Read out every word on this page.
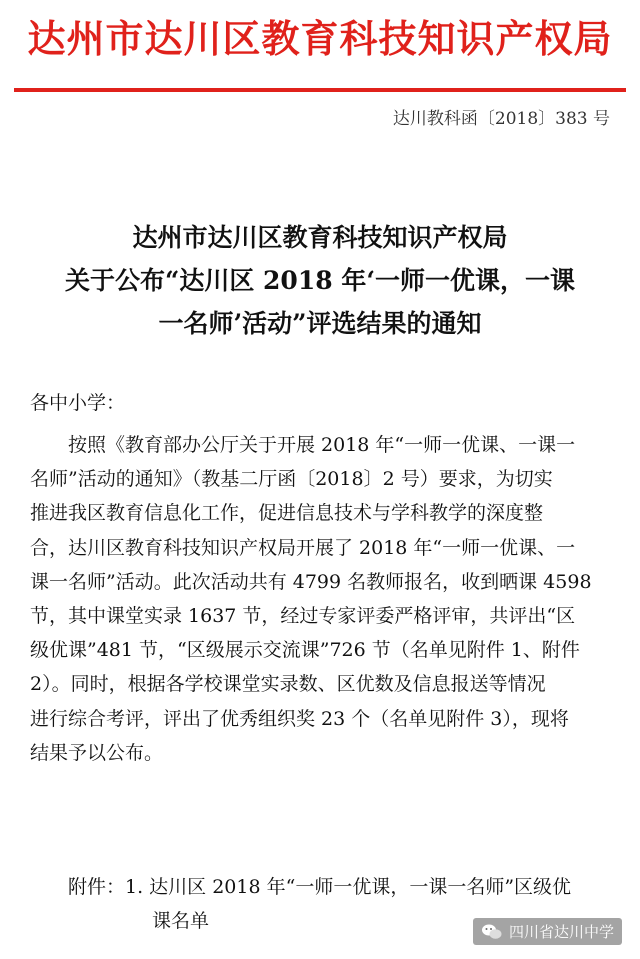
达州市达川区教育科技知识产权局
达川教科函〔2018〕383 号
达州市达川区教育科技知识产权局
关于公布“达川区 2018 年‘一师一优课，一课
一名师’活动”评选结果的通知
各中小学：
　　按照《教育部办公厅关于开展 2018 年“一师一优课、一课一
名师”活动的通知》（教基二厅函〔2018〕2 号）要求，为切实
推进我区教育信息化工作，促进信息技术与学科教学的深度整
合，达川区教育科技知识产权局开展了 2018 年“一师一优课、一
课一名师”活动。此次活动共有 4799 名教师报名，收到晒课 4598
节，其中课堂实录 1637 节，经过专家评委严格评审，共评出“区
级优课”481 节，“区级展示交流课”726 节（名单见附件 1、附件
2）。同时，根据各学校课堂实录数、区优数及信息报送等情况
进行综合考评，评出了优秀组织奖 23 个（名单见附件 3），现将
结果予以公布。
附件：1. 达川区 2018 年“一师一优课，一课一名师”区级优
课名单	四川省达川中学
